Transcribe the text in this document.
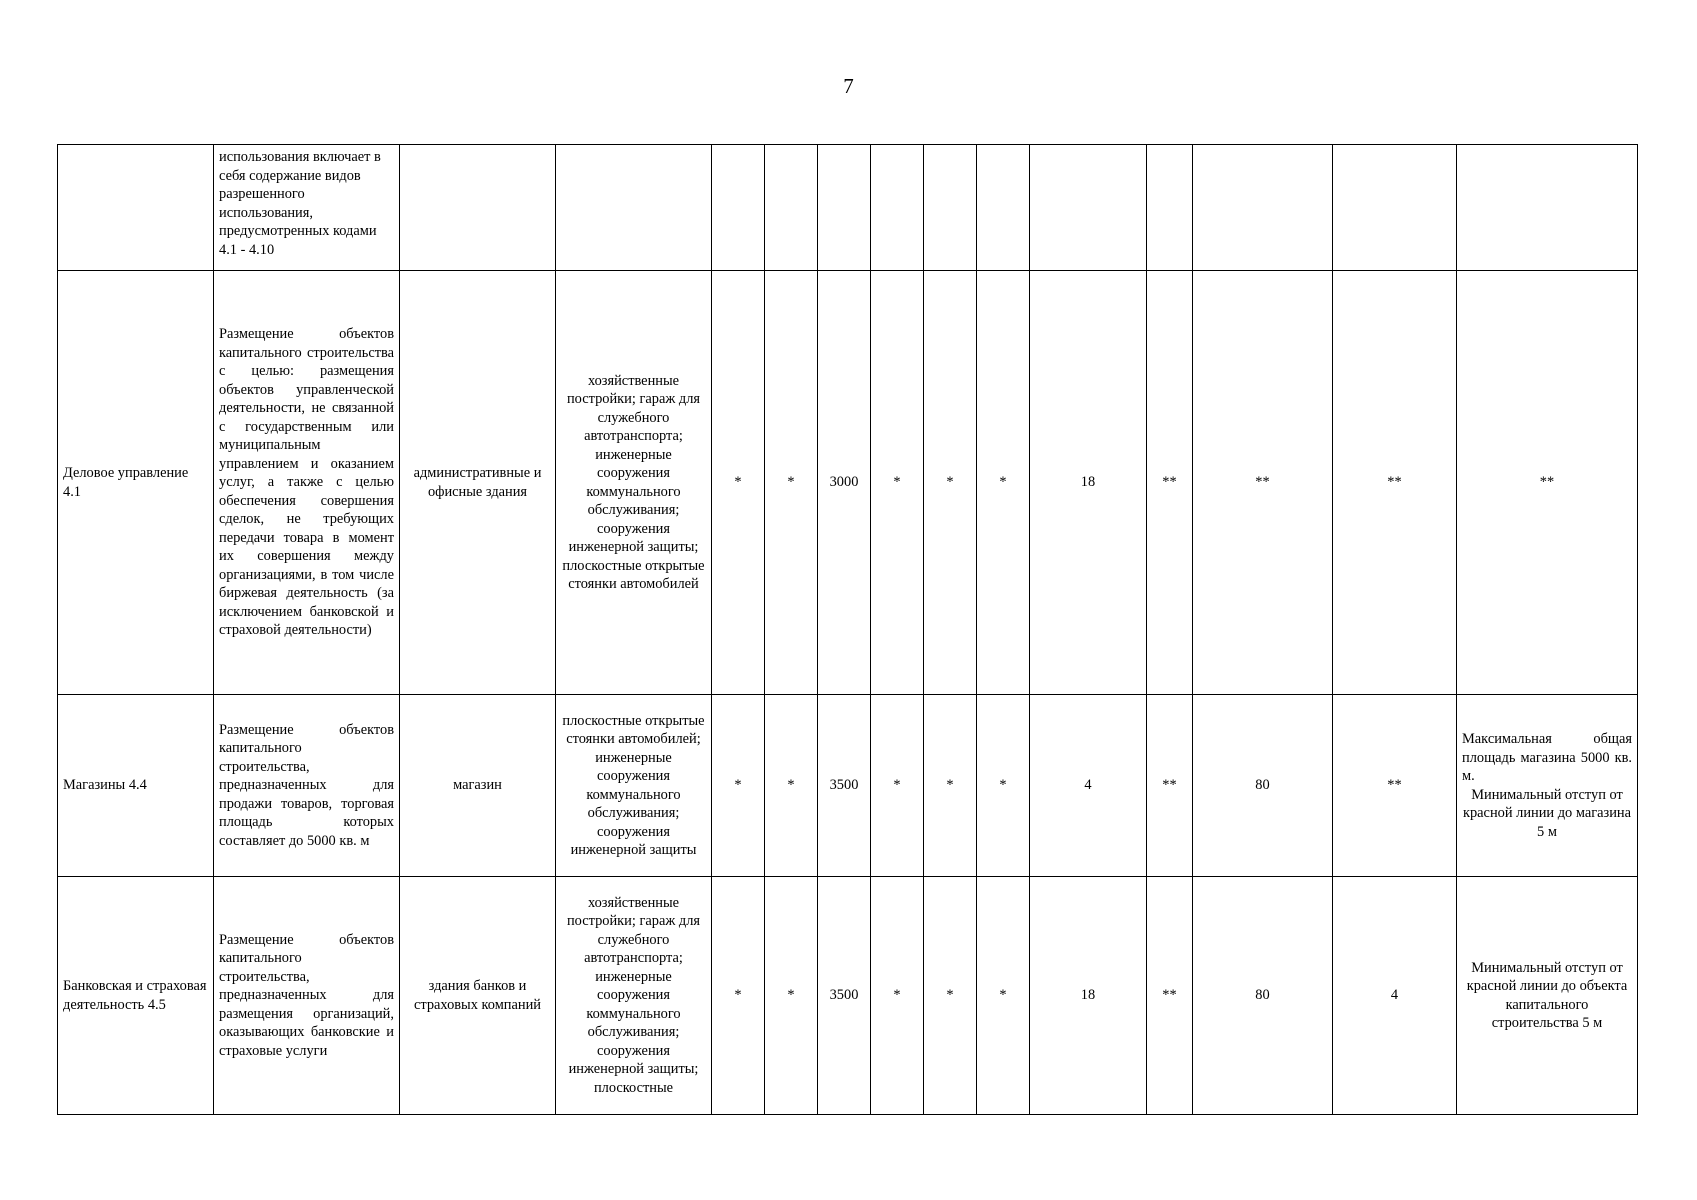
7
	использования включает в себя содержание видов разрешенного использования, предусмотренных кодами 4.1 - 4.10													
Деловое управление 4.1	Размещение объектов капитального строительства с целью: размещения объектов управленческой деятельности, не связанной с государственным или муниципальным управлением и оказанием услуг, а также с целью обеспечения совершения сделок, не требующих передачи товара в момент их совершения между организациями, в том числе биржевая деятельность (за исключением банковской и страховой деятельности)	административные и офисные здания	хозяйственные постройки; гараж для служебного автотранспорта; инженерные сооружения коммунального обслуживания; сооружения инженерной защиты; плоскостные открытые стоянки автомобилей	*	*	3000	*	*	*	18	**	**	**	**
Магазины 4.4	Размещение объектов капитального строительства, предназначенных для продажи товаров, торговая площадь которых составляет до 5000 кв. м	магазин	плоскостные открытые стоянки автомобилей; инженерные сооружения коммунального обслуживания; сооружения инженерной защиты	*	*	3500	*	*	*	4	**	80	**	Максимальная общая площадь магазина 5000 кв. м.
Минимальный отступ от красной линии до магазина 5 м

Банковская и страховая деятельность 4.5	Размещение объектов капитального строительства, предназначенных для размещения организаций, оказывающих банковские и страховые услуги	здания банков и страховых компаний	хозяйственные постройки; гараж для служебного автотранспорта; инженерные сооружения коммунального обслуживания; сооружения инженерной защиты; плоскостные	*	*	3500	*	*	*	18	**	80	4	Минимальный отступ от красной линии до объекта капитального строительства 5 м
